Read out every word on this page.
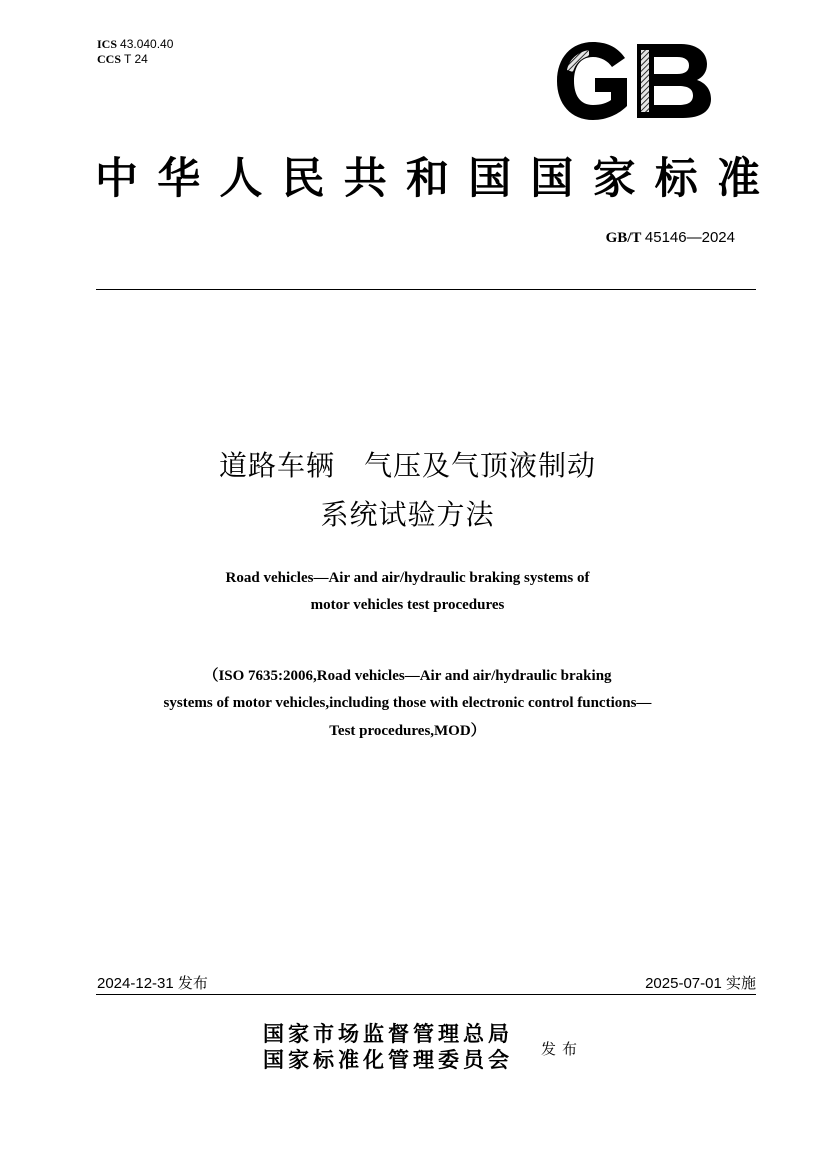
ICS 43.040.40
CCS T 24
中华人民共和国国家标准
GB/T 45146—2024
道路车辆　气压及气顶液制动
系统试验方法
Road vehicles—Air and air/hydraulic braking systems of
motor vehicles test procedures
（ISO 7635:2006,Road vehicles—Air and air/hydraulic braking
systems of motor vehicles,including those with electronic control functions—
Test procedures,MOD）
2024-12-31 发布	2025-07-01 实施
国家市场监督管理总局
国家标准化管理委员会 发布
